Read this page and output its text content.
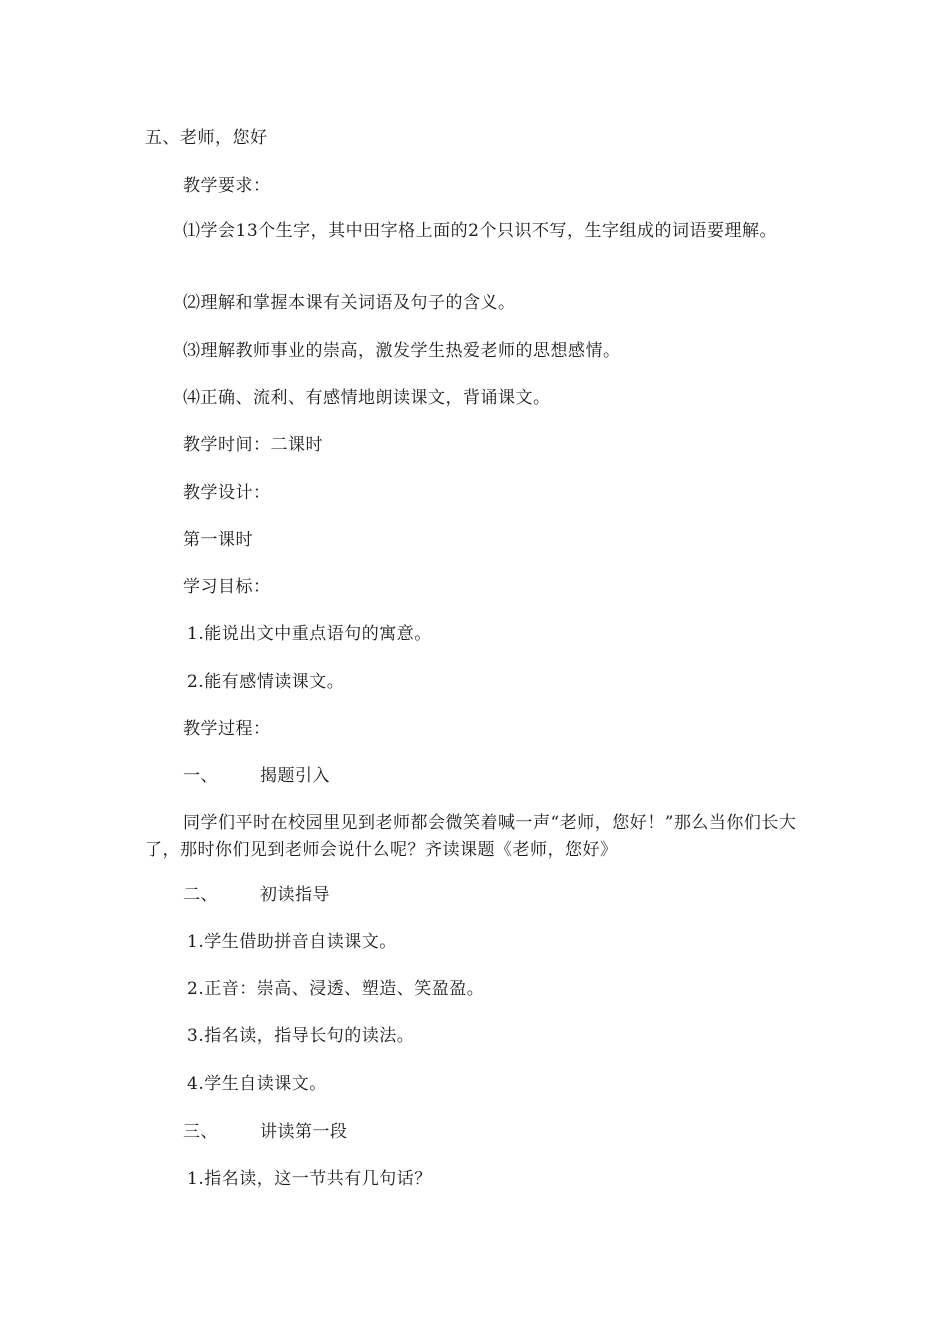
五、老师，您好
教学要求：
⑴学会13个生字，其中田字格上面的2个只识不写，生字组成的词语要理解。
⑵理解和掌握本课有关词语及句子的含义。
⑶理解教师事业的崇高，激发学生热爱老师的思想感情。
⑷正确、流利、有感情地朗读课文，背诵课文。
教学时间：二课时
教学设计：
第一课时
学习目标：
1.能说出文中重点语句的寓意。
2.能有感情读课文。
教学过程：
一、 揭题引入
同学们平时在校园里见到老师都会微笑着喊一声“老师，您好！”那么当你们长大了，那时你们见到老师会说什么呢？齐读课题《老师，您好》
二、 初读指导
1.学生借助拼音自读课文。
2.正音：崇高、浸透、塑造、笑盈盈。
3.指名读，指导长句的读法。
4.学生自读课文。
三、 讲读第一段
1.指名读，这一节共有几句话？
